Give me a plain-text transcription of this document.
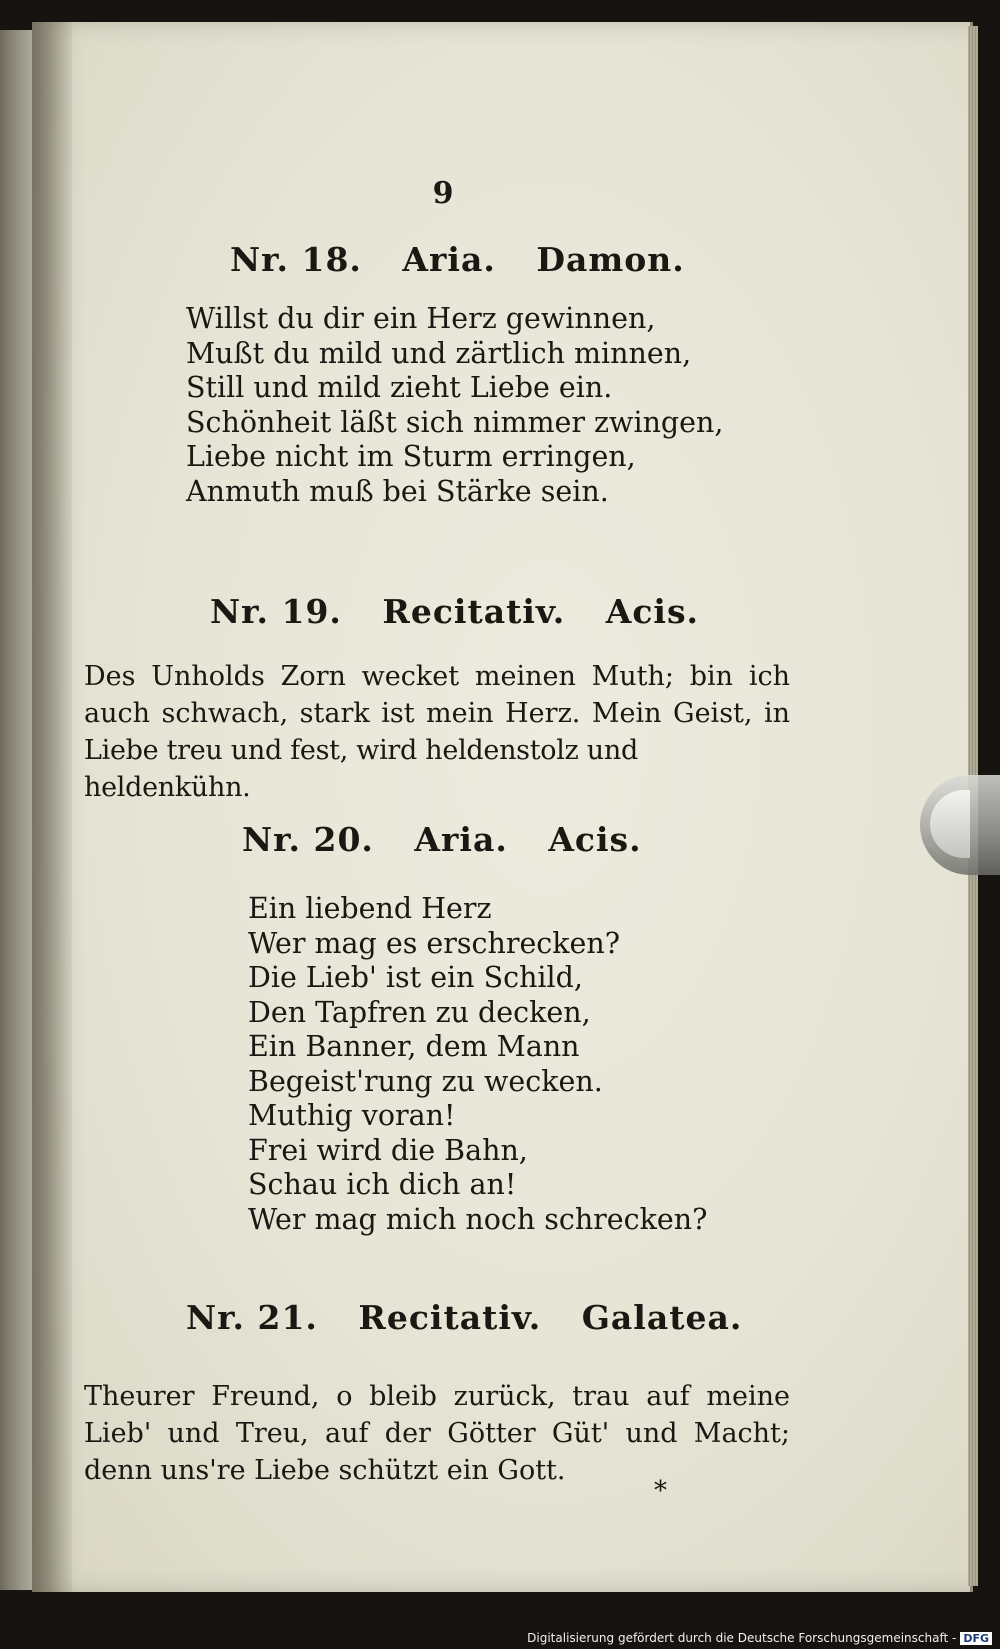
9
Nr. 18. Aria. Damon.
Willst du dir ein Herz gewinnen,
Mußt du mild und zärtlich minnen,
Still und mild zieht Liebe ein.
Schönheit läßt sich nimmer zwingen,
Liebe nicht im Sturm erringen,
Anmuth muß bei Stärke sein.
Nr. 19. Recitativ. Acis.
Des Unholds Zorn wecket meinen Muth; bin ich
auch schwach, stark ist mein Herz. Mein Geist, in
Liebe treu und fest, wird heldenstolz und heldenkühn.
Nr. 20. Aria. Acis.
Ein liebend Herz
Wer mag es erschrecken?
Die Lieb' ist ein Schild,
Den Tapfren zu decken,
Ein Banner, dem Mann
Begeist'rung zu wecken.
Muthig voran!
Frei wird die Bahn,
Schau ich dich an!
Wer mag mich noch schrecken?
Nr. 21. Recitativ. Galatea.
Theurer Freund, o bleib zurück, trau auf meine
Lieb' und Treu, auf der Götter Güt' und Macht;
denn uns're Liebe schützt ein Gott.
*
Digitalisierung gefördert durch die Deutsche Forschungsgemeinschaft - DFG
